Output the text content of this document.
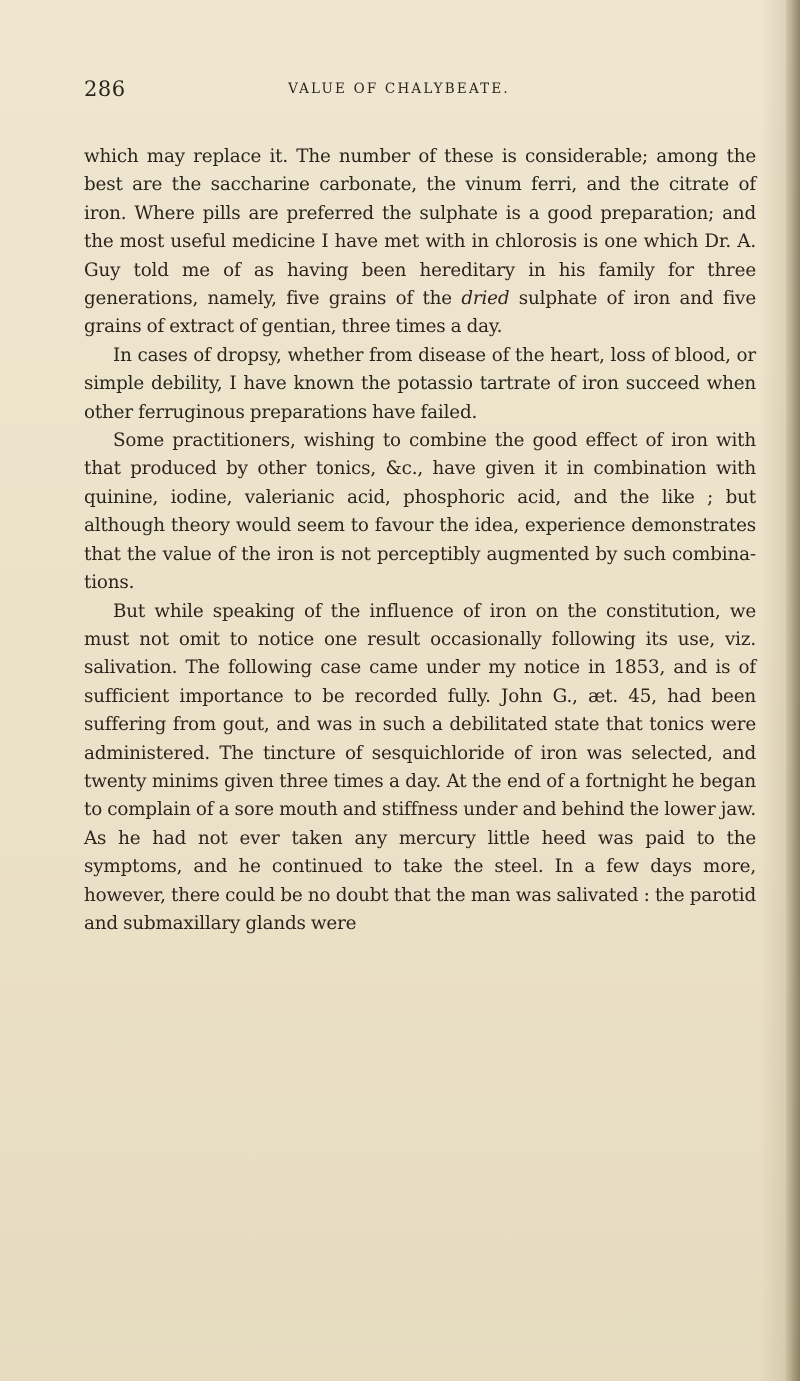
286	VALUE OF CHALYBEATE.

which may replace it. The number of these is considerable; among the best are the saccharine carbonate, the vinum ferri, and the citrate of iron. Where pills are preferred the sulphate is a good preparation; and the most useful medicine I have met with in chlorosis is one which Dr. A. Guy told me of as having been hereditary in his family for three generations, namely, five grains of the dried sulphate of iron and five grains of extract of gentian, three times a day.

In cases of dropsy, whether from disease of the heart, loss of blood, or simple debility, I have known the potassio tartrate of iron succeed when other ferruginous preparations have failed.

Some practitioners, wishing to combine the good effect of iron with that produced by other tonics, &c., have given it in combination with quinine, iodine, valerianic acid, phosphoric acid, and the like ; but although theory would seem to favour the idea, experience demonstrates that the value of the iron is not perceptibly augmented by such combinations.

But while speaking of the influence of iron on the constitution, we must not omit to notice one result occasionally following its use, viz. salivation. The following case came under my notice in 1853, and is of sufficient importance to be recorded fully. John G., æt. 45, had been suffering from gout, and was in such a debilitated state that tonics were administered. The tincture of sesquichloride of iron was selected, and twenty minims given three times a day. At the end of a fortnight he began to complain of a sore mouth and stiffness under and behind the lower jaw. As he had not ever taken any mercury little heed was paid to the symptoms, and he continued to take the steel. In a few days more, however, there could be no doubt that the man was salivated : the parotid and submaxillary glands were
